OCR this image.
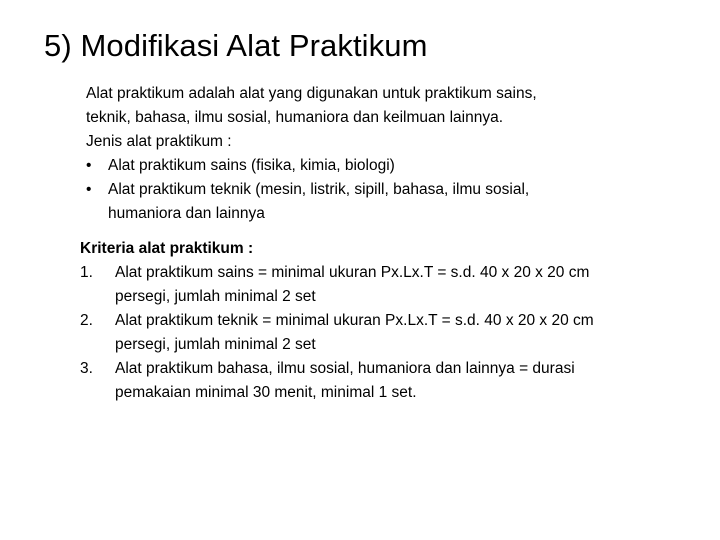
5) Modifikasi Alat Praktikum
Alat praktikum adalah alat yang digunakan untuk praktikum sains,
teknik, bahasa, ilmu sosial, humaniora dan keilmuan lainnya.
Jenis alat praktikum :
• Alat praktikum sains (fisika, kimia, biologi)
• Alat praktikum teknik (mesin, listrik, sipill, bahasa, ilmu sosial,
humaniora dan lainnya
Kriteria alat praktikum :
1. Alat praktikum sains = minimal ukuran Px.Lx.T = s.d. 40 x 20 x 20 cm
persegi, jumlah minimal 2 set
2. Alat praktikum teknik = minimal ukuran Px.Lx.T = s.d. 40 x 20 x 20 cm
persegi, jumlah minimal 2 set
3. Alat praktikum bahasa, ilmu sosial, humaniora dan lainnya = durasi
pemakaian minimal 30 menit, minimal 1 set.
